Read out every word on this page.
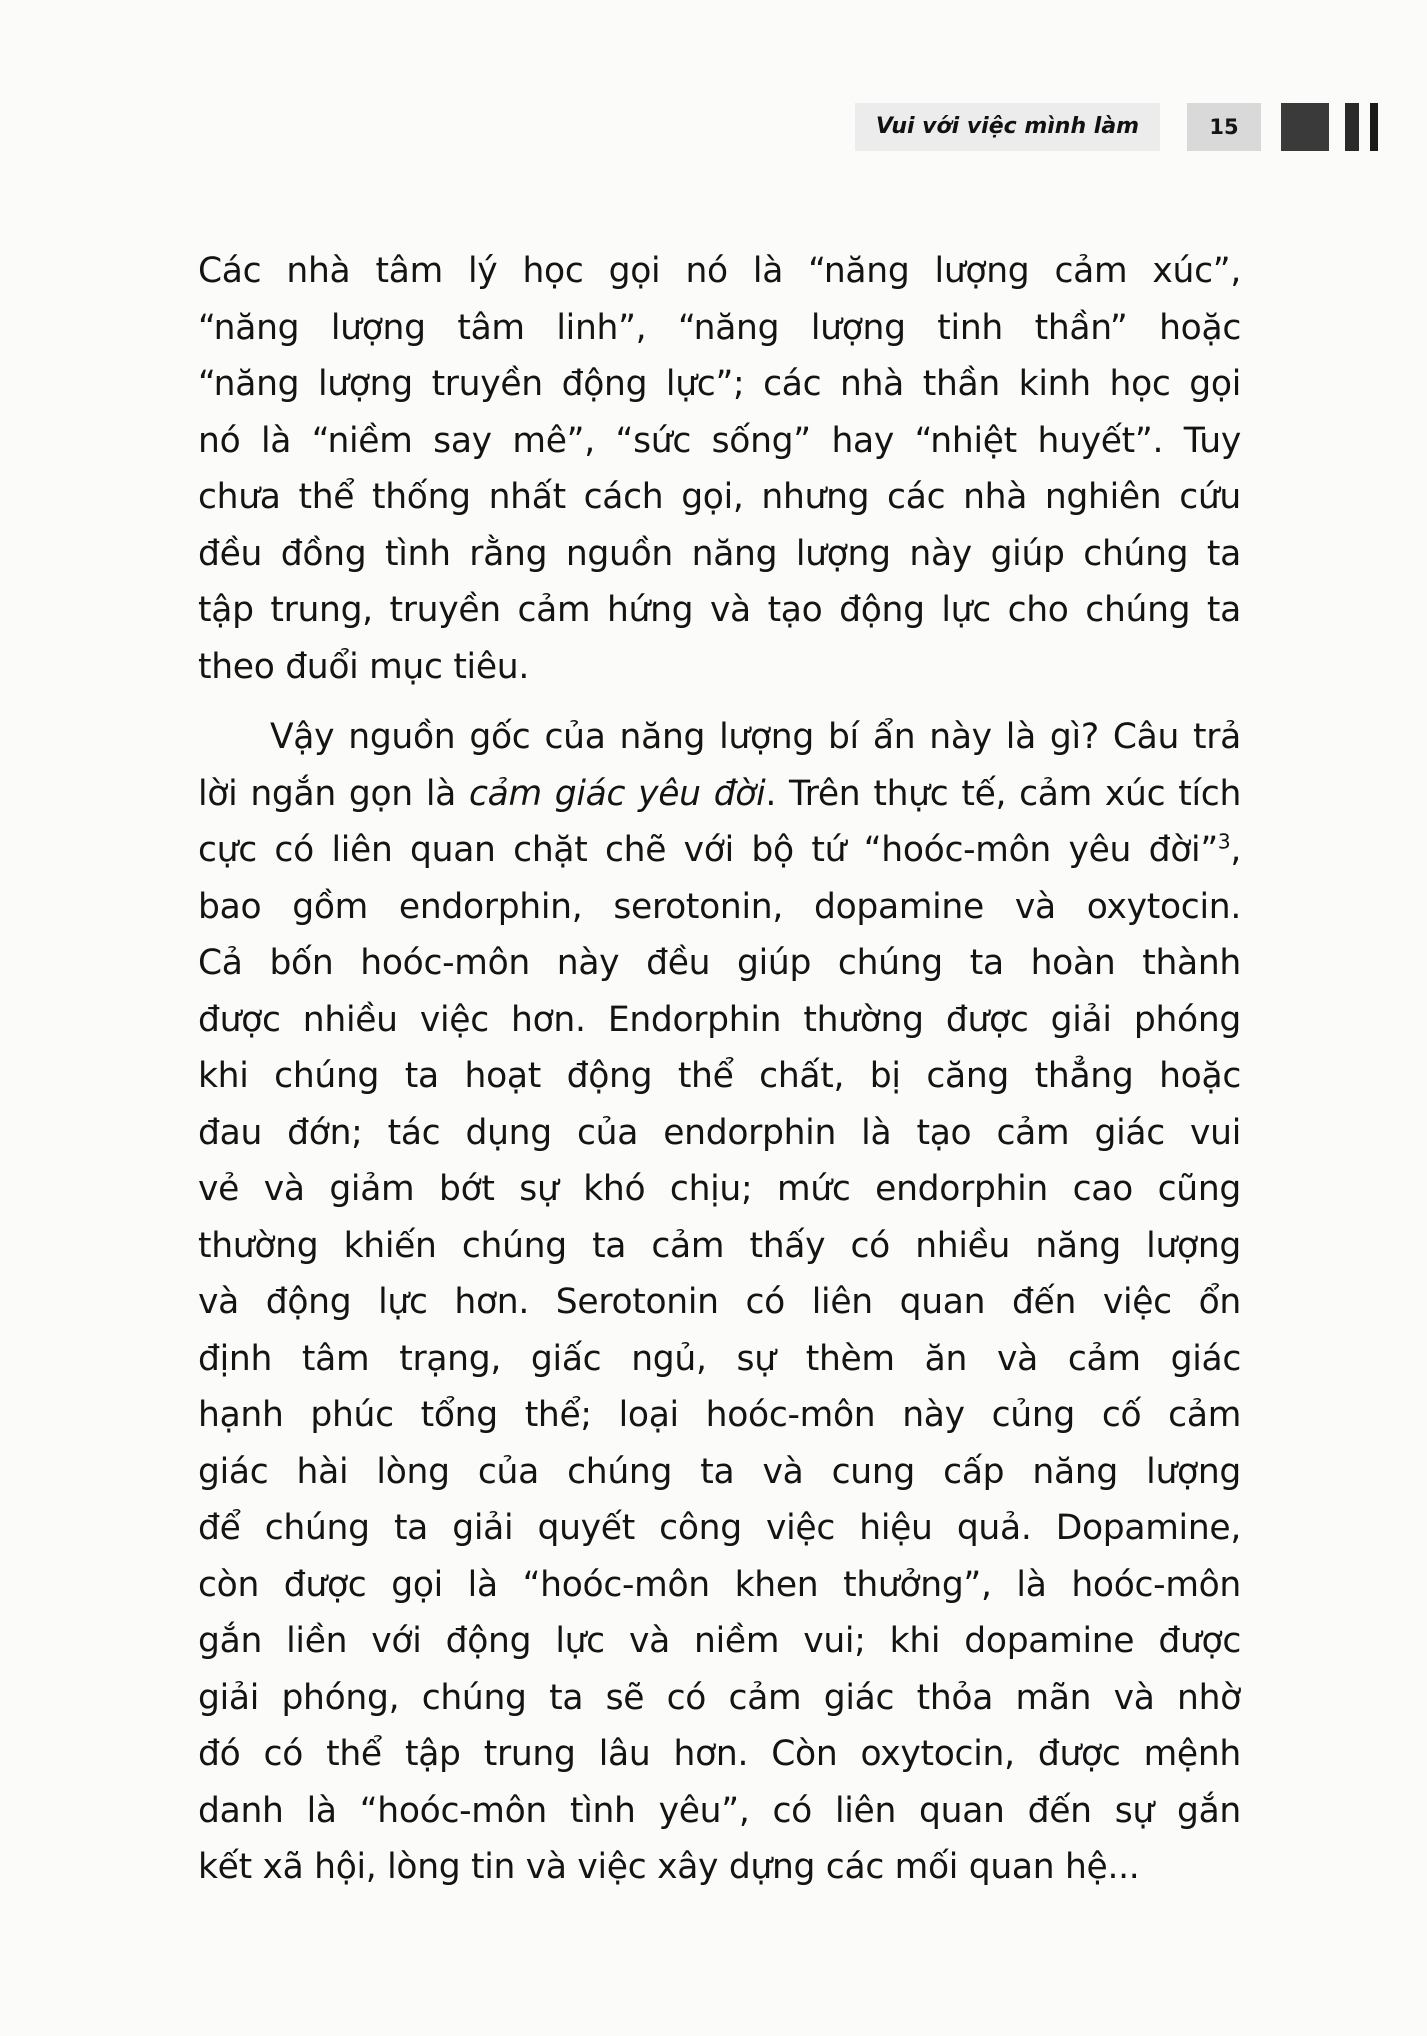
Vui với việc mình làm	15
Các nhà tâm lý học gọi nó là “năng lượng cảm xúc”,
“năng lượng tâm linh”, “năng lượng tinh thần” hoặc
“năng lượng truyền động lực”; các nhà thần kinh học gọi
nó là “niềm say mê”, “sức sống” hay “nhiệt huyết”. Tuy
chưa thể thống nhất cách gọi, nhưng các nhà nghiên cứu
đều đồng tình rằng nguồn năng lượng này giúp chúng ta
tập trung, truyền cảm hứng và tạo động lực cho chúng ta
theo đuổi mục tiêu.
Vậy nguồn gốc của năng lượng bí ẩn này là gì? Câu trả
lời ngắn gọn là cảm giác yêu đời. Trên thực tế, cảm xúc tích
cực có liên quan chặt chẽ với bộ tứ “hoóc-môn yêu đời”$^3$,
bao gồm endorphin, serotonin, dopamine và oxytocin.
Cả bốn hoóc-môn này đều giúp chúng ta hoàn thành
được nhiều việc hơn. Endorphin thường được giải phóng
khi chúng ta hoạt động thể chất, bị căng thẳng hoặc
đau đớn; tác dụng của endorphin là tạo cảm giác vui
vẻ và giảm bớt sự khó chịu; mức endorphin cao cũng
thường khiến chúng ta cảm thấy có nhiều năng lượng
và động lực hơn. Serotonin có liên quan đến việc ổn
định tâm trạng, giấc ngủ, sự thèm ăn và cảm giác
hạnh phúc tổng thể; loại hoóc-môn này củng cố cảm
giác hài lòng của chúng ta và cung cấp năng lượng
để chúng ta giải quyết công việc hiệu quả. Dopamine,
còn được gọi là “hoóc-môn khen thưởng”, là hoóc-môn
gắn liền với động lực và niềm vui; khi dopamine được
giải phóng, chúng ta sẽ có cảm giác thỏa mãn và nhờ
đó có thể tập trung lâu hơn. Còn oxytocin, được mệnh
danh là “hoóc-môn tình yêu”, có liên quan đến sự gắn
kết xã hội, lòng tin và việc xây dựng các mối quan hệ...
